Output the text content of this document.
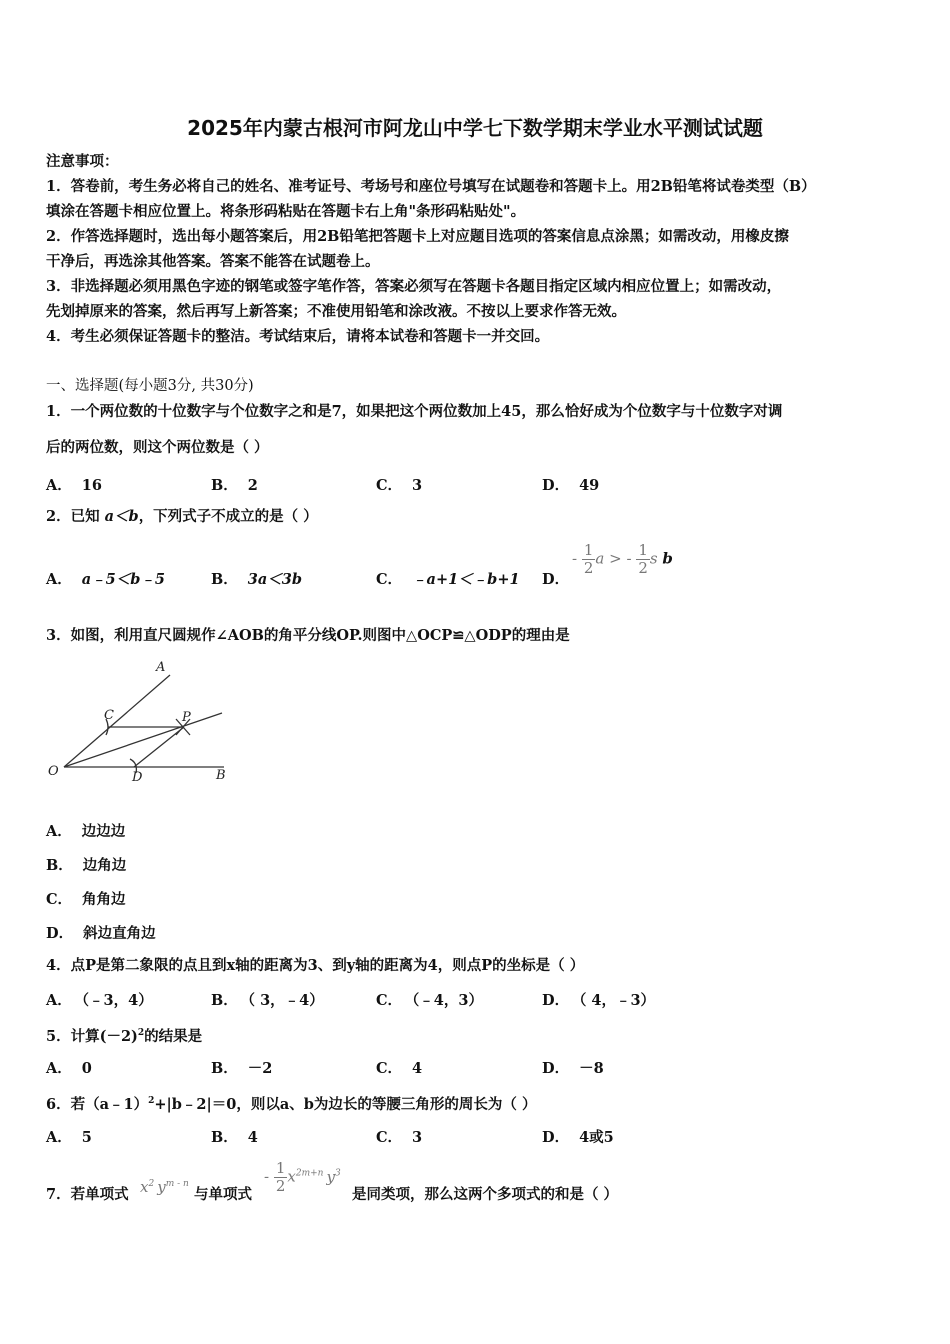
2025年内蒙古根河市阿龙山中学七下数学期末学业水平测试试题
注意事项：
1．答卷前，考生务必将自己的姓名、准考证号、考场号和座位号填写在试题卷和答题卡上。用2B铅笔将试卷类型（B）
填涂在答题卡相应位置上。将条形码粘贴在答题卡右上角"条形码粘贴处"。
2．作答选择题时，选出每小题答案后，用2B铅笔把答题卡上对应题目选项的答案信息点涂黑；如需改动，用橡皮擦
干净后，再选涂其他答案。答案不能答在试题卷上。
3．非选择题必须用黑色字迹的钢笔或签字笔作答，答案必须写在答题卡各题目指定区域内相应位置上；如需改动，
先划掉原来的答案，然后再写上新答案；不准使用铅笔和涂改液。不按以上要求作答无效。
4．考生必须保证答题卡的整洁。考试结束后，请将本试卷和答题卡一并交回。
一、选择题(每小题3分, 共30分)
1．一个两位数的十位数字与个位数字之和是7，如果把这个两位数加上45，那么恰好成为个位数字与十位数字对调
后的两位数，则这个两位数是（ ）
A． 16	B． 2	C． 3	D． 49
2．已知 a＜b，下列式子不成立的是（ ）
A． a﹣5＜b﹣5	B． 3a＜3b	C． ﹣a+1＜﹣b+1 D．
- $\frac{1}{2}$ a > - $\frac{1}{2}$ s b
3．如图，利用直尺圆规作∠AOB的角平分线OP.则图中△OCP≌△ODP的理由是
A
C	P
O	D	B
A． 边边边
B． 边角边
C． 角角边
D． 斜边直角边
4．点P是第二象限的点且到x轴的距离为3、到y轴的距离为4，则点P的坐标是（ ）
A． （﹣3，4）	B． （ 3，﹣4）	C． （﹣4，3）	D． （ 4，﹣3）
5．计算$(-2)^2$的结果是
A． 0	B． －2	C． 4	D． －8
6．若（a﹣1）$^2$+|b﹣2|＝0，则以a、b为边长的等腰三角形的周长为（ ）
A． 5	B． 4	C． 3	D． 4或5
7．若单项式 $x^2$ $y^{m - n}$
与单项式
- $\frac{1}{2} x^{2m+n}$ $y^3$
是同类项，那么这两个多项式的和是（ ）
